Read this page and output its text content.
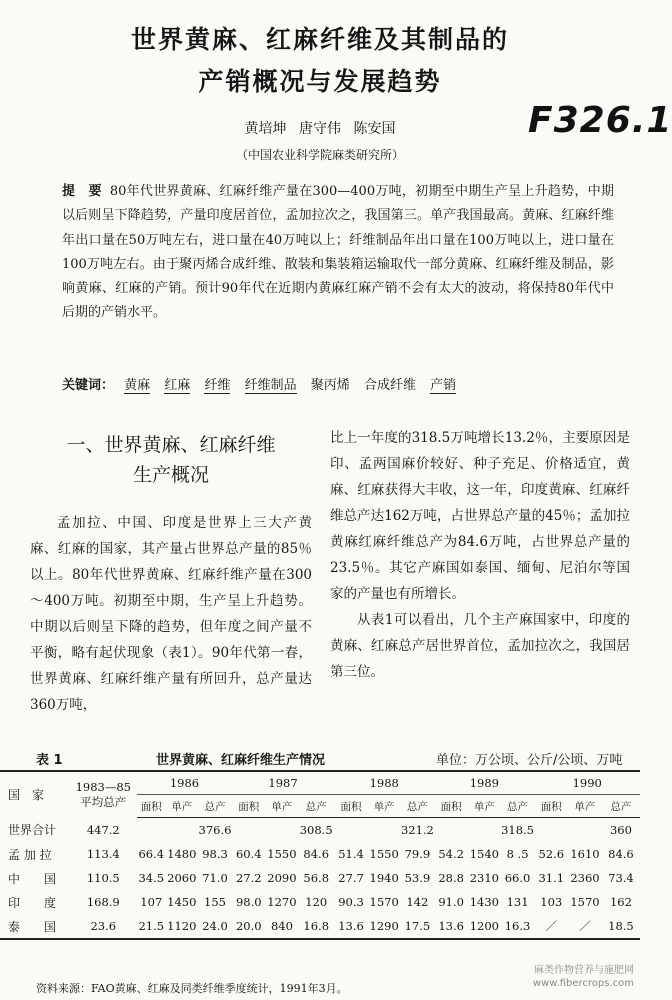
世界黄麻、红麻纤维及其制品的
产销概况与发展趋势
黄培坤 唐守伟 陈安国	F326.1
（中国农业科学院麻类研究所）
提　要 80年代世界黄麻、红麻纤维产量在300—400万吨，初期至中期生产呈上升趋势，中期以后则呈下降趋势，产量印度居首位，孟加拉次之，我国第三。单产我国最高。黄麻、红麻纤维年出口量在50万吨左右，进口量在40万吨以上；纤维制品年出口量在100万吨以上，进口量在100万吨左右。由于聚丙烯合成纤维、散装和集装箱运输取代一部分黄麻、红麻纤维及制品，影响黄麻、红麻的产销。预计90年代在近期内黄麻红麻产销不会有太大的波动，将保持80年代中后期的产销水平。
关键词： 黄麻 红麻 纤维 纤维制品 聚丙烯 合成纤维 产销
一、世界黄麻、红麻纤维
生产概况

孟加拉、中国、印度是世界上三大产黄麻、红麻的国家，其产量占世界总产量的85％以上。80年代世界黄麻、红麻纤维产量在300～400万吨。初期至中期，生产呈上升趋势。中期以后则呈下降的趋势，但年度之间产量不平衡，略有起伏现象（表1）。90年代第一春，世界黄麻、红麻纤维产量有所回升，总产量达360万吨，

比上一年度的318.5万吨增长13.2％，主要原因是印、孟两国麻价较好、种子充足、价格适宜，黄麻、红麻获得大丰收，这一年，印度黄麻、红麻纤维总产达162万吨，占世界总产量的45％；孟加拉黄麻红麻纤维总产为84.6万吨，占世界总产量的23.5％。其它产麻国如泰国、缅甸、尼泊尔等国家的产量也有所增长。

从表1可以看出，几个主产麻国家中，印度的黄麻、红麻总产居世界首位，孟加拉次之，我国居第三位。

表 1	世界黄麻、红麻纤维生产情况	单位：万公顷、公斤/公顷、万吨
国　家	1983—85
平均总产	1986			1987			1988			1989			1990		
		面积	单产	总产	面积	单产	总产	面积	单产	总产	面积	单产	总产	面积	单产	总产
世界合计	447.2			376.6			308.5			321.2			318.5			360
孟 加 拉	113.4	66.4	1480	98.3	60.4	1550	84.6	51.4	1550	79.9	54.2	1540	8 .5	52.6	1610	84.6
中　　国	110.5	34.5	2060	71.0	27.2	2090	56.8	27.7	1940	53.9	28.8	2310	66.0	31.1	2360	73.4
印　　度	168.9	107	1450	155	98.0	1270	120	90.3	1570	142	91.0	1430	131	103	1570	162
泰　　国	23.6	21.5	1120	24.0	20.0	840	16.8	13.6	1290	17.5	13.6	1200	16.3	／	／	18.5
资料来源：FAO黄麻、红麻及同类纤维季度统计，1991年3月。
麻类作物营养与施肥网
www.fibercrops.com
